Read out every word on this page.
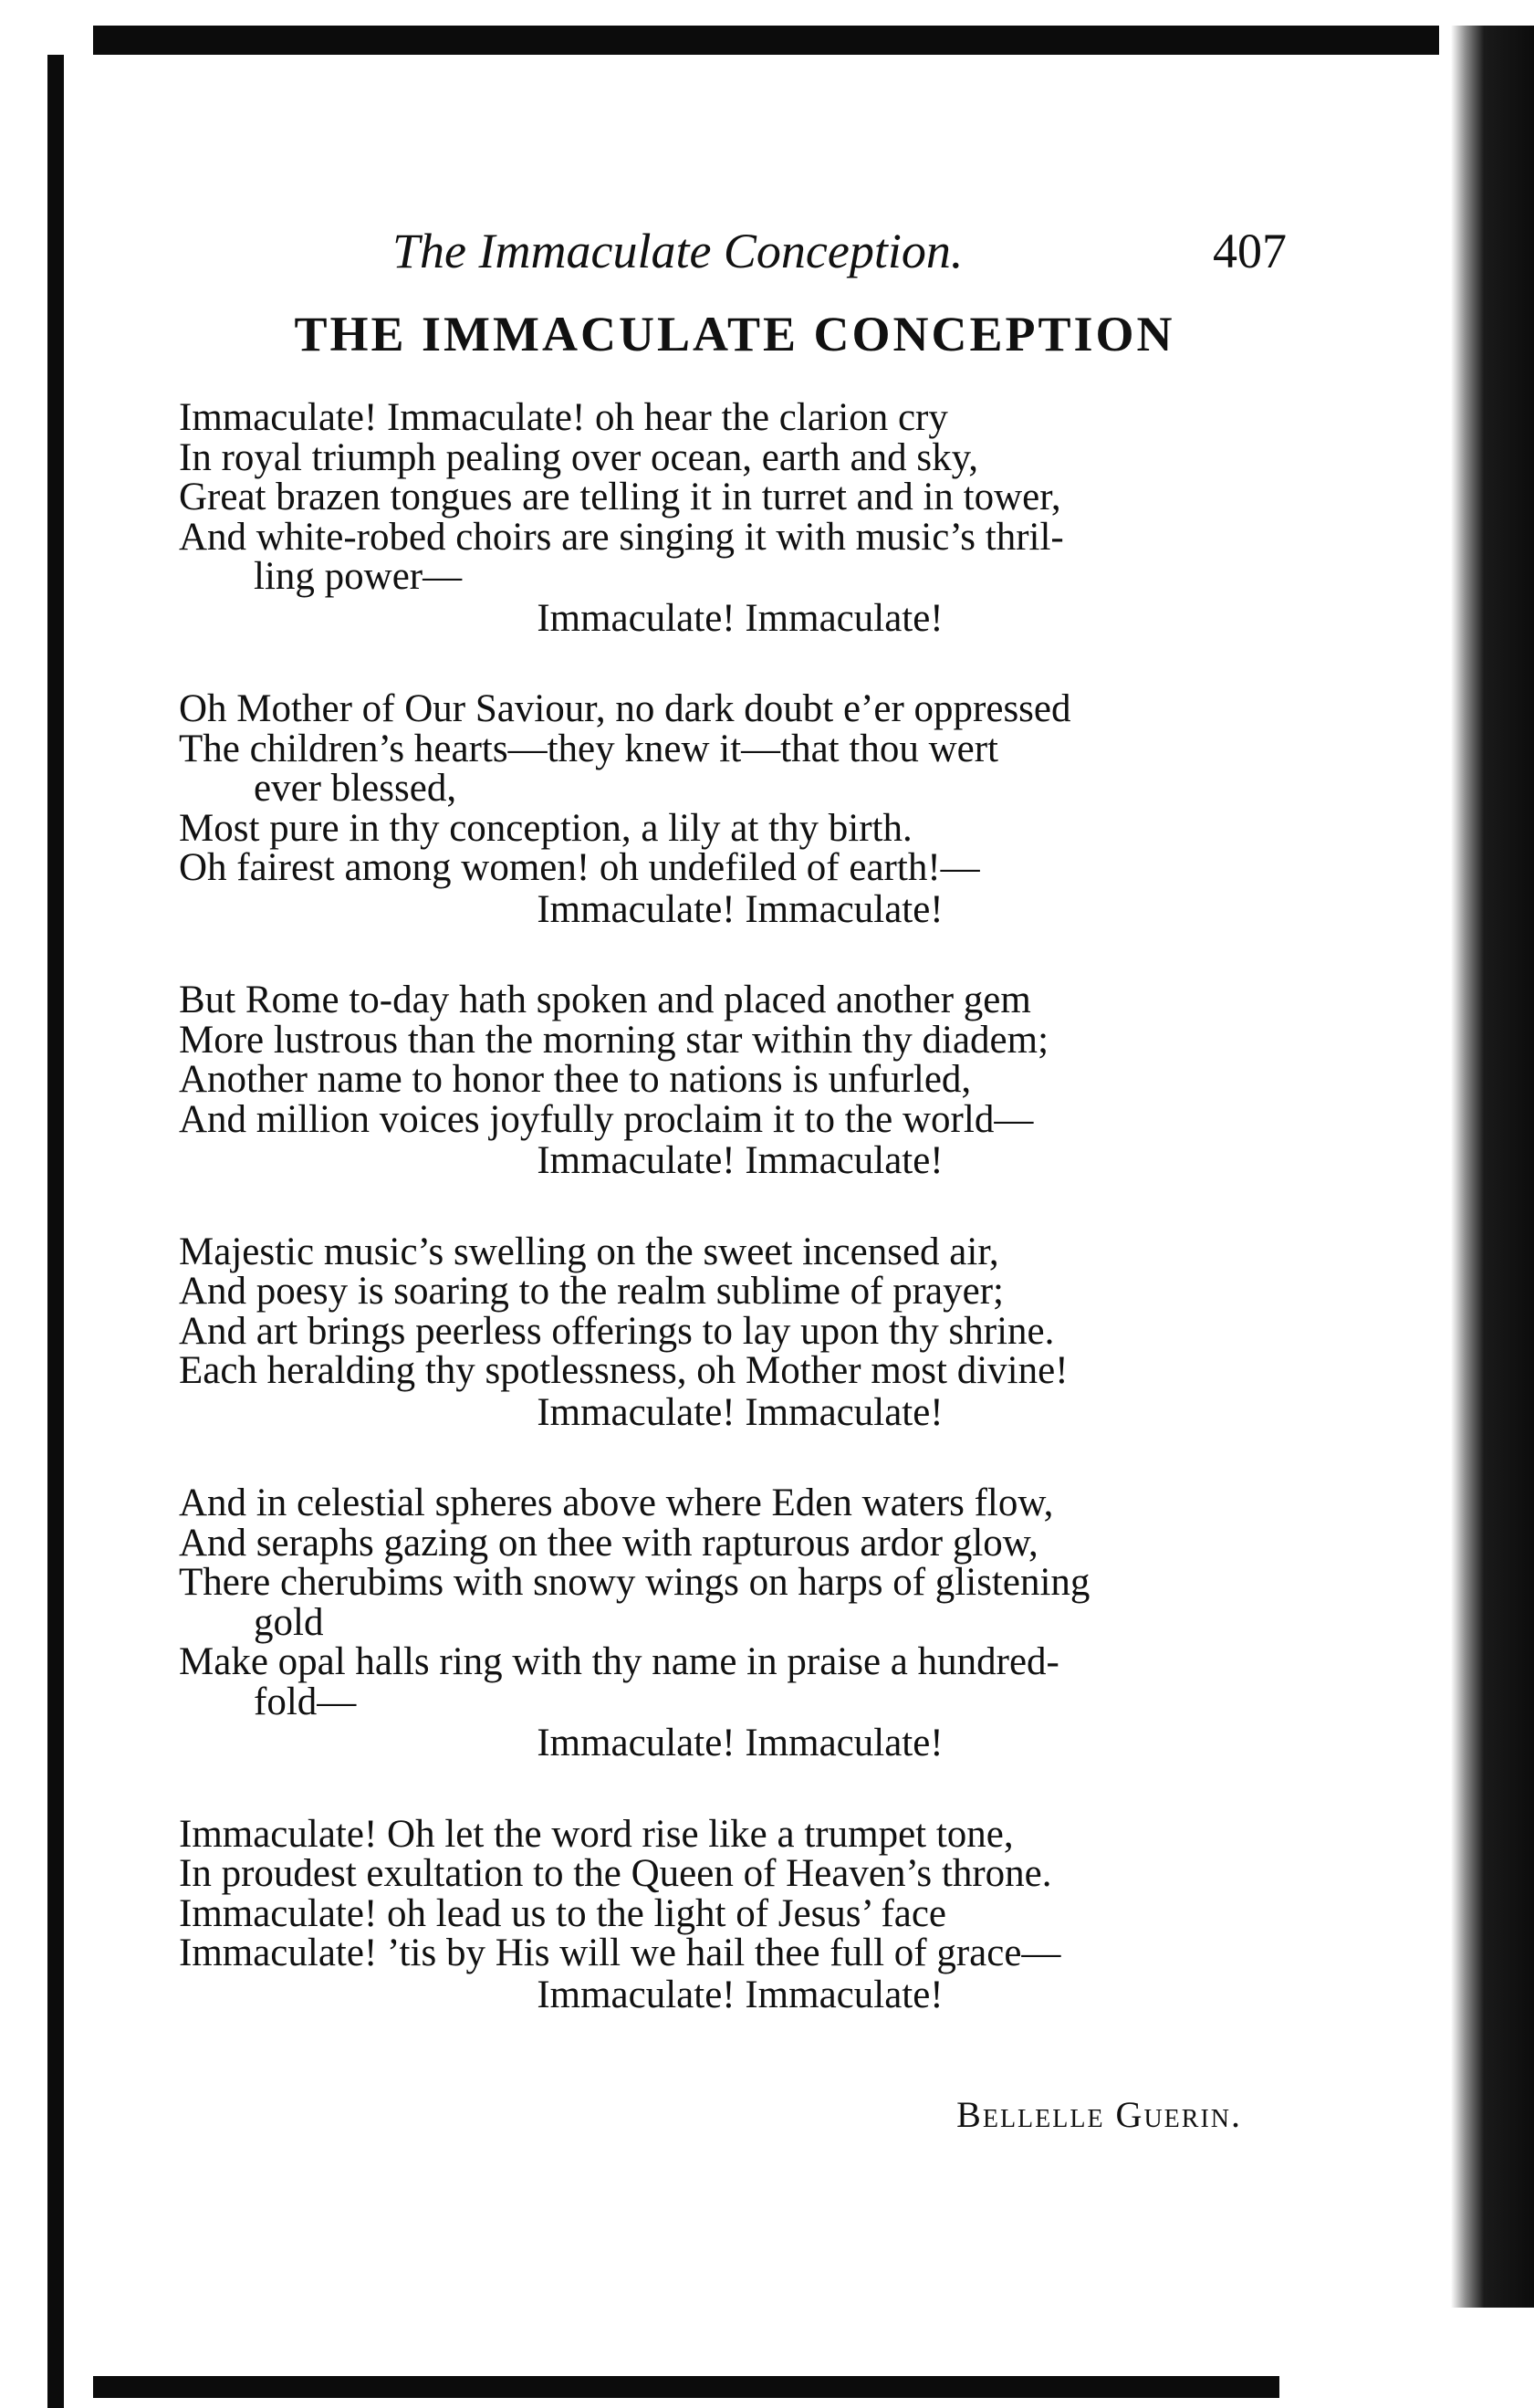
The Immaculate Conception.	407
THE IMMACULATE CONCEPTION
Immaculate! Immaculate! oh hear the clarion cry
In royal triumph pealing over ocean, earth and sky,
Great brazen tongues are telling it in turret and in tower,
And white-robed choirs are singing it with music’s thril-
ling power—
Immaculate! Immaculate!
Oh Mother of Our Saviour, no dark doubt e’er oppressed
The children’s hearts—they knew it—that thou wert
ever blessed,
Most pure in thy conception, a lily at thy birth.
Oh fairest among women! oh undefiled of earth!—
Immaculate! Immaculate!
But Rome to-day hath spoken and placed another gem
More lustrous than the morning star within thy diadem;
Another name to honor thee to nations is unfurled,
And million voices joyfully proclaim it to the world—
Immaculate! Immaculate!
Majestic music’s swelling on the sweet incensed air,
And poesy is soaring to the realm sublime of prayer;
And art brings peerless offerings to lay upon thy shrine.
Each heralding thy spotlessness, oh Mother most divine!
Immaculate! Immaculate!
And in celestial spheres above where Eden waters flow,
And seraphs gazing on thee with rapturous ardor glow,
There cherubims with snowy wings on harps of glistening
gold
Make opal halls ring with thy name in praise a hundred-
fold—
Immaculate! Immaculate!
Immaculate! Oh let the word rise like a trumpet tone,
In proudest exultation to the Queen of Heaven’s throne.
Immaculate! oh lead us to the light of Jesus’ face
Immaculate! ’tis by His will we hail thee full of grace—
Immaculate! Immaculate!
Bellelle Guerin.
